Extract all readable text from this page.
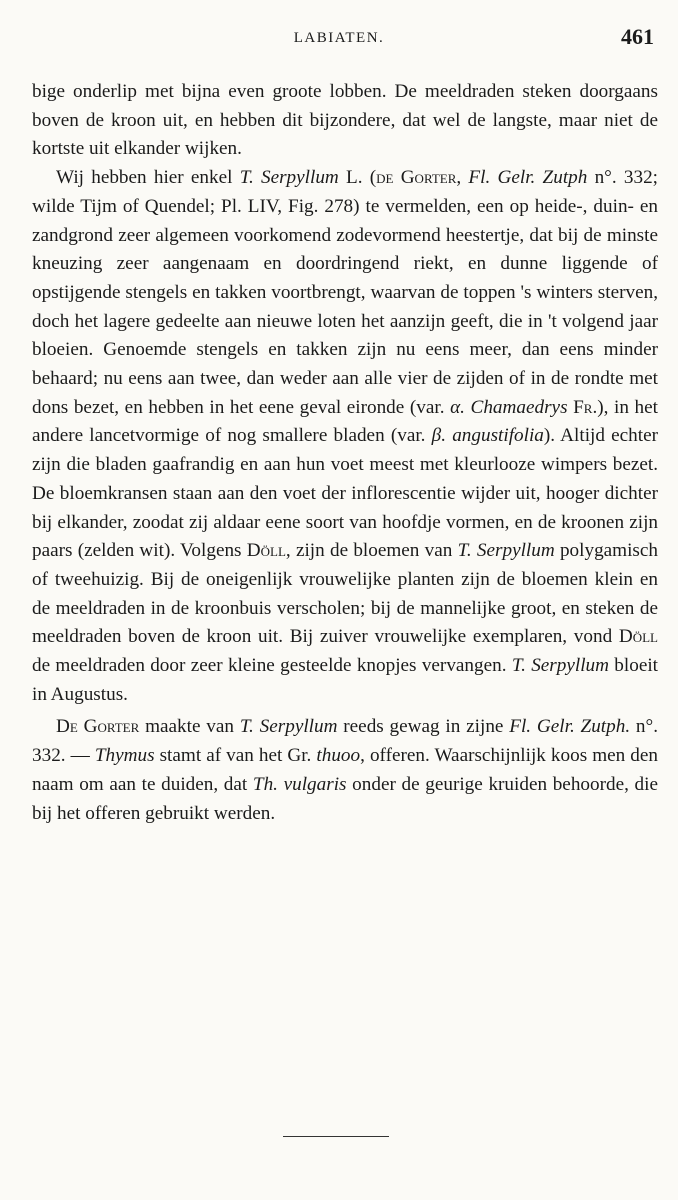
LABIATEN.	461

bige onderlip met bijna even groote lobben. De meeldraden steken doorgaans boven de kroon uit, en hebben dit bijzondere, dat wel de langste, maar niet de kortste uit elkander wijken.

Wij hebben hier enkel T. Serpyllum L. (de Gorter, Fl. Gelr. Zutph n°. 332; wilde Tijm of Quendel; Pl. LIV, Fig. 278) te vermelden, een op heide-, duin- en zandgrond zeer algemeen voorkomend zodevormend heestertje, dat bij de minste kneuzing zeer aangenaam en doordringend riekt, en dunne liggende of opstijgende stengels en takken voortbrengt, waarvan de toppen 's winters sterven, doch het lagere gedeelte aan nieuwe loten het aanzijn geeft, die in 't volgend jaar bloeien. Genoemde stengels en takken zijn nu eens meer, dan eens minder behaard; nu eens aan twee, dan weder aan alle vier de zijden of in de rondte met dons bezet, en hebben in het eene geval eironde (var. α. Chamaedrys Fr.), in het andere lancetvormige of nog smallere bladen (var. β. angustifolia). Altijd echter zijn die bladen gaafrandig en aan hun voet meest met kleurlooze wimpers bezet. De bloemkransen staan aan den voet der inflorescentie wijder uit, hooger dichter bij elkander, zoodat zij aldaar eene soort van hoofdje vormen, en de kroonen zijn paars (zelden wit). Volgens Döll, zijn de bloemen van T. Serpyllum polygamisch of tweehuizig. Bij de oneigenlijk vrouwelijke planten zijn de bloemen klein en de meeldraden in de kroonbuis verscholen; bij de mannelijke groot, en steken de meeldraden boven de kroon uit. Bij zuiver vrouwelijke exemplaren, vond Döll de meeldraden door zeer kleine gesteelde knopjes vervangen. T. Serpyllum bloeit in Augustus.

De Gorter maakte van T. Serpyllum reeds gewag in zijne Fl. Gelr. Zutph. n°. 332. — Thymus stamt af van het Gr. thuoo, offeren. Waarschijnlijk koos men den naam om aan te duiden, dat Th. vulgaris onder de geurige kruiden behoorde, die bij het offeren gebruikt werden.
